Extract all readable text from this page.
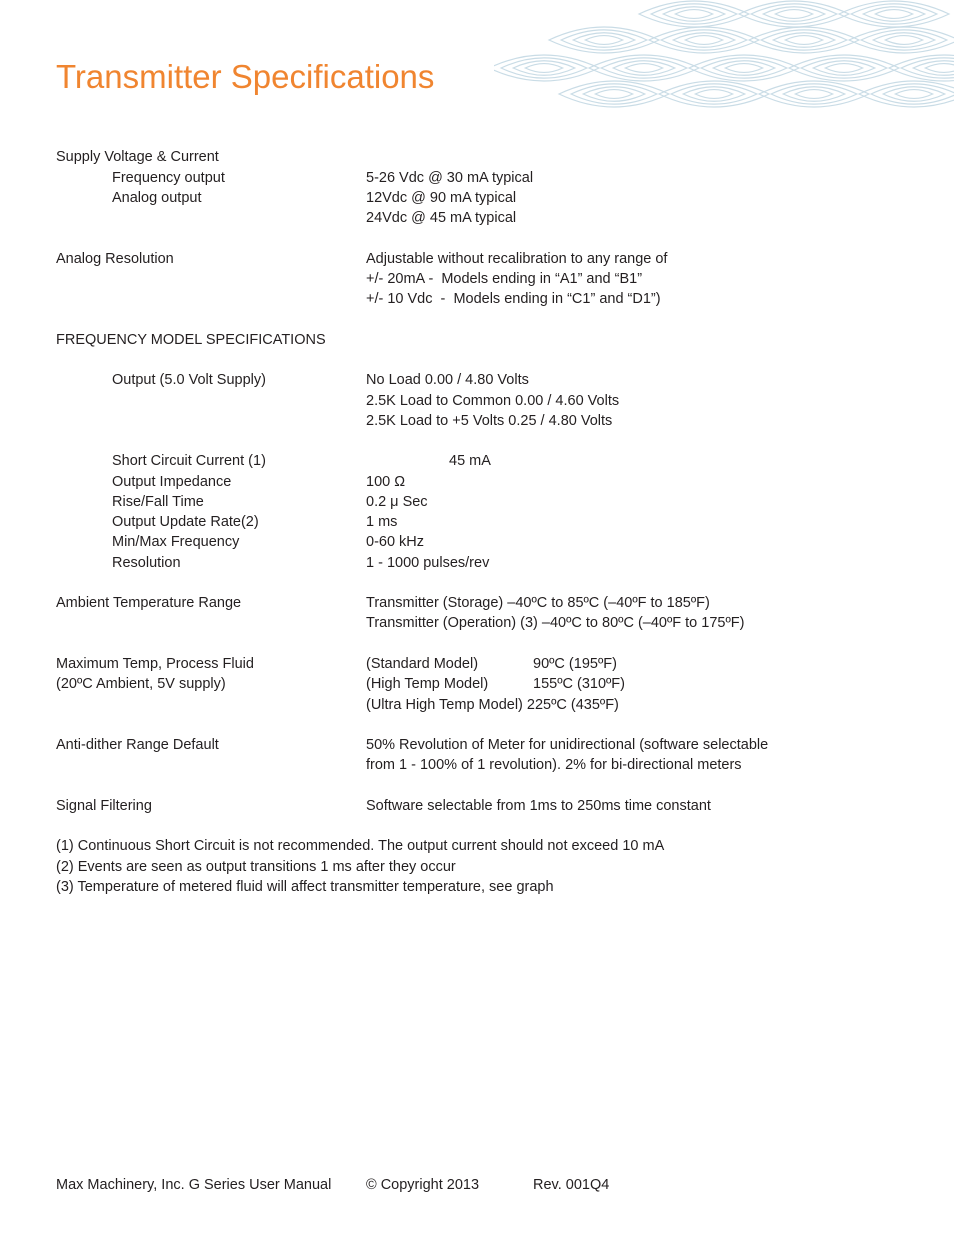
Transmitter Specifications
Supply Voltage & Current
Frequency output	5-26 Vdc @ 30 mA typical
Analog output	12Vdc @ 90 mA typical
24Vdc @ 45 mA typical
Analog Resolution	Adjustable without recalibration to any range of
+/- 20mA -  Models ending in “A1” and “B1”
+/- 10 Vdc  -  Models ending in “C1” and “D1”)
FREQUENCY MODEL SPECIFICATIONS
Output (5.0 Volt Supply)	No Load 0.00 / 4.80 Volts
2.5K Load to Common 0.00 / 4.60 Volts
2.5K Load to +5 Volts 0.25 / 4.80 Volts
Short Circuit Current (1)	45 mA
Output Impedance	100 Ω
Rise/Fall Time	0.2 μ Sec
Output Update Rate(2)	1 ms
Min/Max Frequency	0-60 kHz
Resolution	1 - 1000 pulses/rev
Ambient Temperature Range	Transmitter (Storage) –40ºC to 85ºC (–40ºF to 185ºF)
Transmitter (Operation) (3) –40ºC to 80ºC (–40ºF to 175ºF)
Maximum Temp, Process Fluid	(Standard Model)	90ºC (195ºF)
(20ºC Ambient, 5V supply)	(High Temp Model)	155ºC (310ºF)
(Ultra High Temp Model) 225ºC (435ºF)
Anti-dither Range Default	50% Revolution of Meter for unidirectional (software selectable
from 1 - 100% of 1 revolution). 2% for bi-directional meters
Signal Filtering	Software selectable from 1ms to 250ms time constant
(1) Continuous Short Circuit is not recommended. The output current should not exceed 10 mA
(2) Events are seen as output transitions 1 ms after they occur
(3) Temperature of metered fluid will affect transmitter temperature, see graph
Max Machinery, Inc. G Series User Manual © Copyright 2013	Rev. 001Q4
